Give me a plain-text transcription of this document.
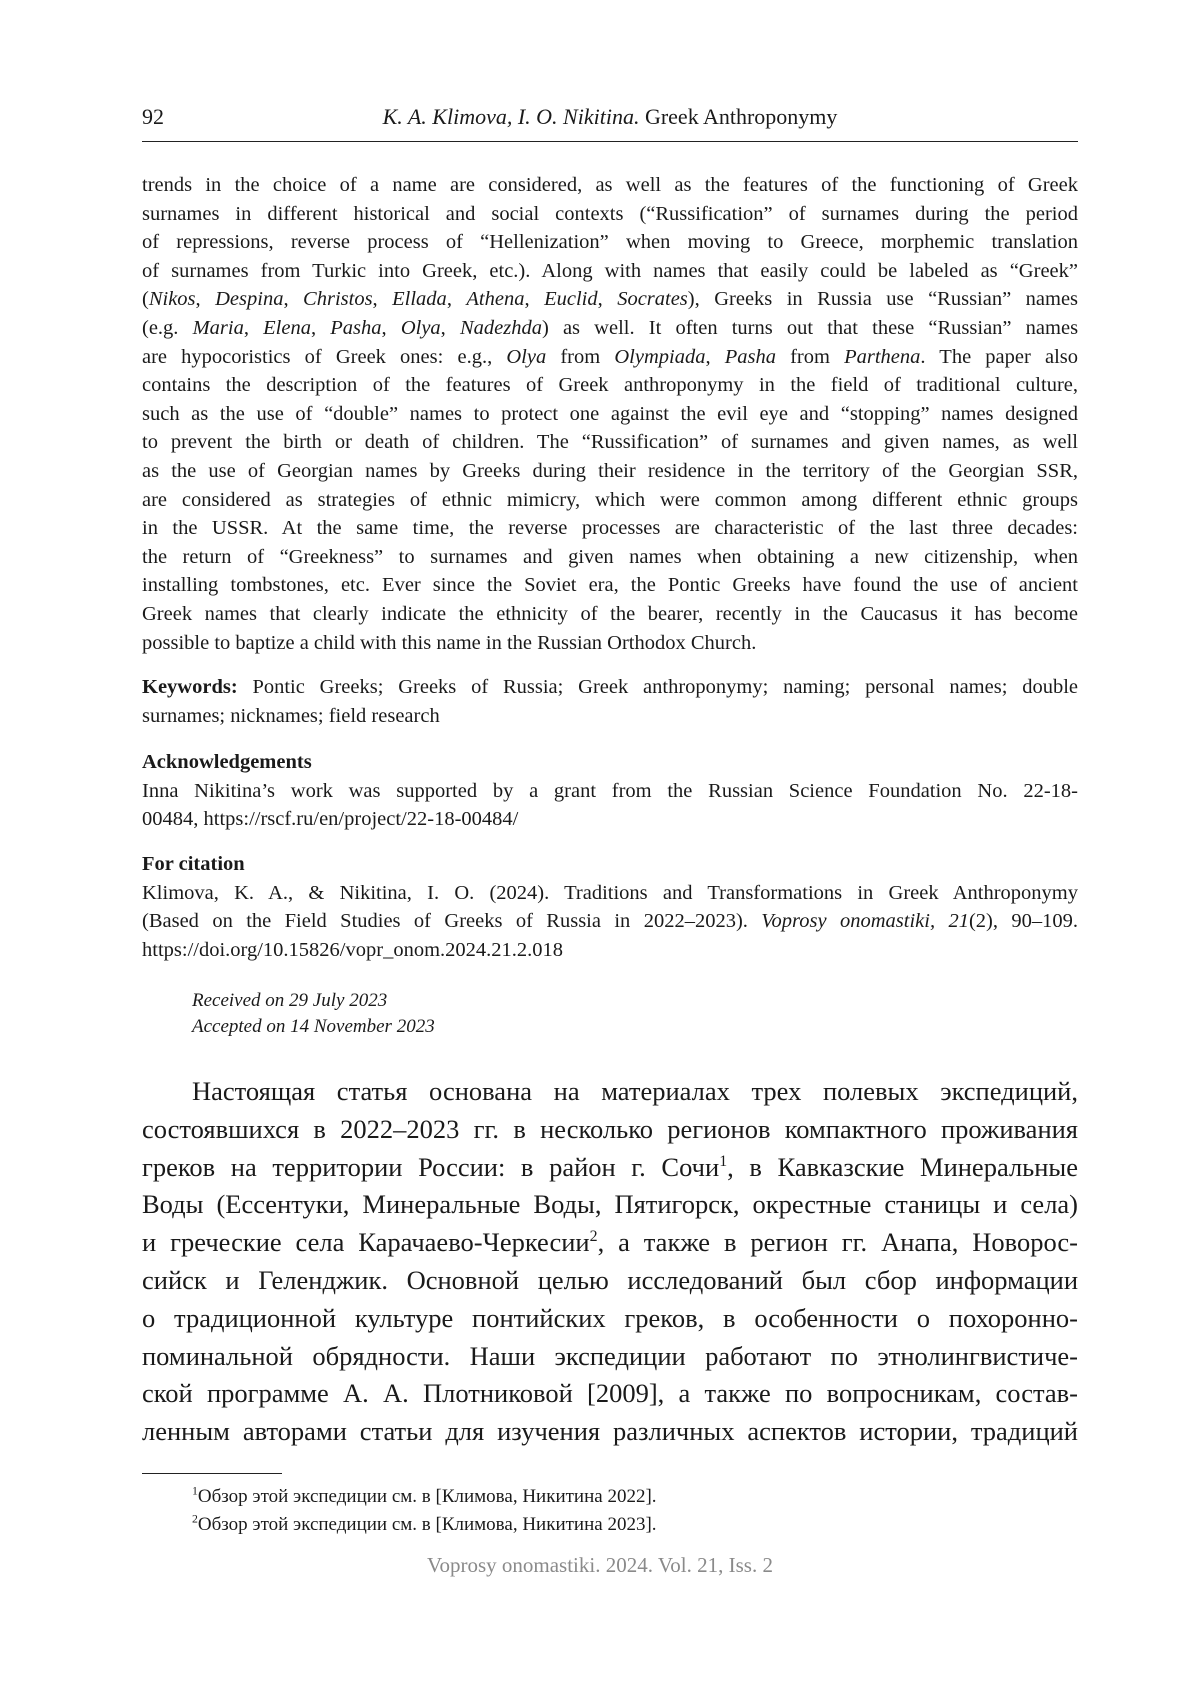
92	K. A. Klimova, I. O. Nikitina. Greek Anthroponymy
trends in the choice of a name are considered, as well as the features of the functioning of Greek
surnames in different historical and social contexts (“Russification” of surnames during the period
of repressions, reverse process of “Hellenization” when moving to Greece, morphemic translation
of surnames from Turkic into Greek, etc.). Along with names that easily could be labeled as “Greek”
(Nikos, Despina, Christos, Ellada, Athena, Euclid, Socrates), Greeks in Russia use “Russian” names
(e.g. Maria, Elena, Pasha, Olya, Nadezhda) as well. It often turns out that these “Russian” names
are hypocoristics of Greek ones: e.g., Olya from Olympiada, Pasha from Parthena. The paper also
contains the description of the features of Greek anthroponymy in the field of traditional culture,
such as the use of “double” names to protect one against the evil eye and “stopping” names designed
to prevent the birth or death of children. The “Russification” of surnames and given names, as well
as the use of Georgian names by Greeks during their residence in the territory of the Georgian SSR,
are considered as strategies of ethnic mimicry, which were common among different ethnic groups
in the USSR. At the same time, the reverse processes are characteristic of the last three decades:
the return of “Greekness” to surnames and given names when obtaining a new citizenship, when
installing tombstones, etc. Ever since the Soviet era, the Pontic Greeks have found the use of ancient
Greek names that clearly indicate the ethnicity of the bearer, recently in the Caucasus it has become
possible to baptize a child with this name in the Russian Orthodox Church.
Keywords: Pontic Greeks; Greeks of Russia; Greek anthroponymy; naming; personal names; double
surnames; nicknames; field research
Acknowledgements
Inna Nikitina’s work was supported by a grant from the Russian Science Foundation No. 22-18-
00484, https://rscf.ru/en/project/22-18-00484/
For citation
Klimova, K. A., & Nikitina, I. O. (2024). Traditions and Transformations in Greek Anthroponymy
(Based on the Field Studies of Greeks of Russia in 2022–2023). Voprosy onomastiki, 21(2), 90–109.
https://doi.org/10.15826/vopr_onom.2024.21.2.018
Received on 29 July 2023
Accepted on 14 November 2023
Настоящая статья основана на материалах трех полевых экспедиций,
состоявшихся в 2022–2023 гг. в несколько регионов компактного проживания
греков на территории России: в район г. Сочи$^1$, в Кавказские Минеральные
Воды (Ессентуки, Минеральные Воды, Пятигорск, окрестные станицы и села)
и греческие села Карачаево-Черкесии$^2$, а также в регион гг. Анапа, Новорос-
сийск и Геленджик. Основной целью исследований был сбор информации
о традиционной культуре понтийских греков, в особенности о похоронно-
поминальной обрядности. Наши экспедиции работают по этнолингвистиче-
ской программе А. А. Плотниковой [2009], а также по вопросникам, состав-
ленным авторами статьи для изучения различных аспектов истории, традиций
$^1$Обзор этой экспедиции см. в [Климова, Никитина 2022].
$^2$Обзор этой экспедиции см. в [Климова, Никитина 2023].
Voprosy onomastiki. 2024. Vol. 21, Iss. 2
